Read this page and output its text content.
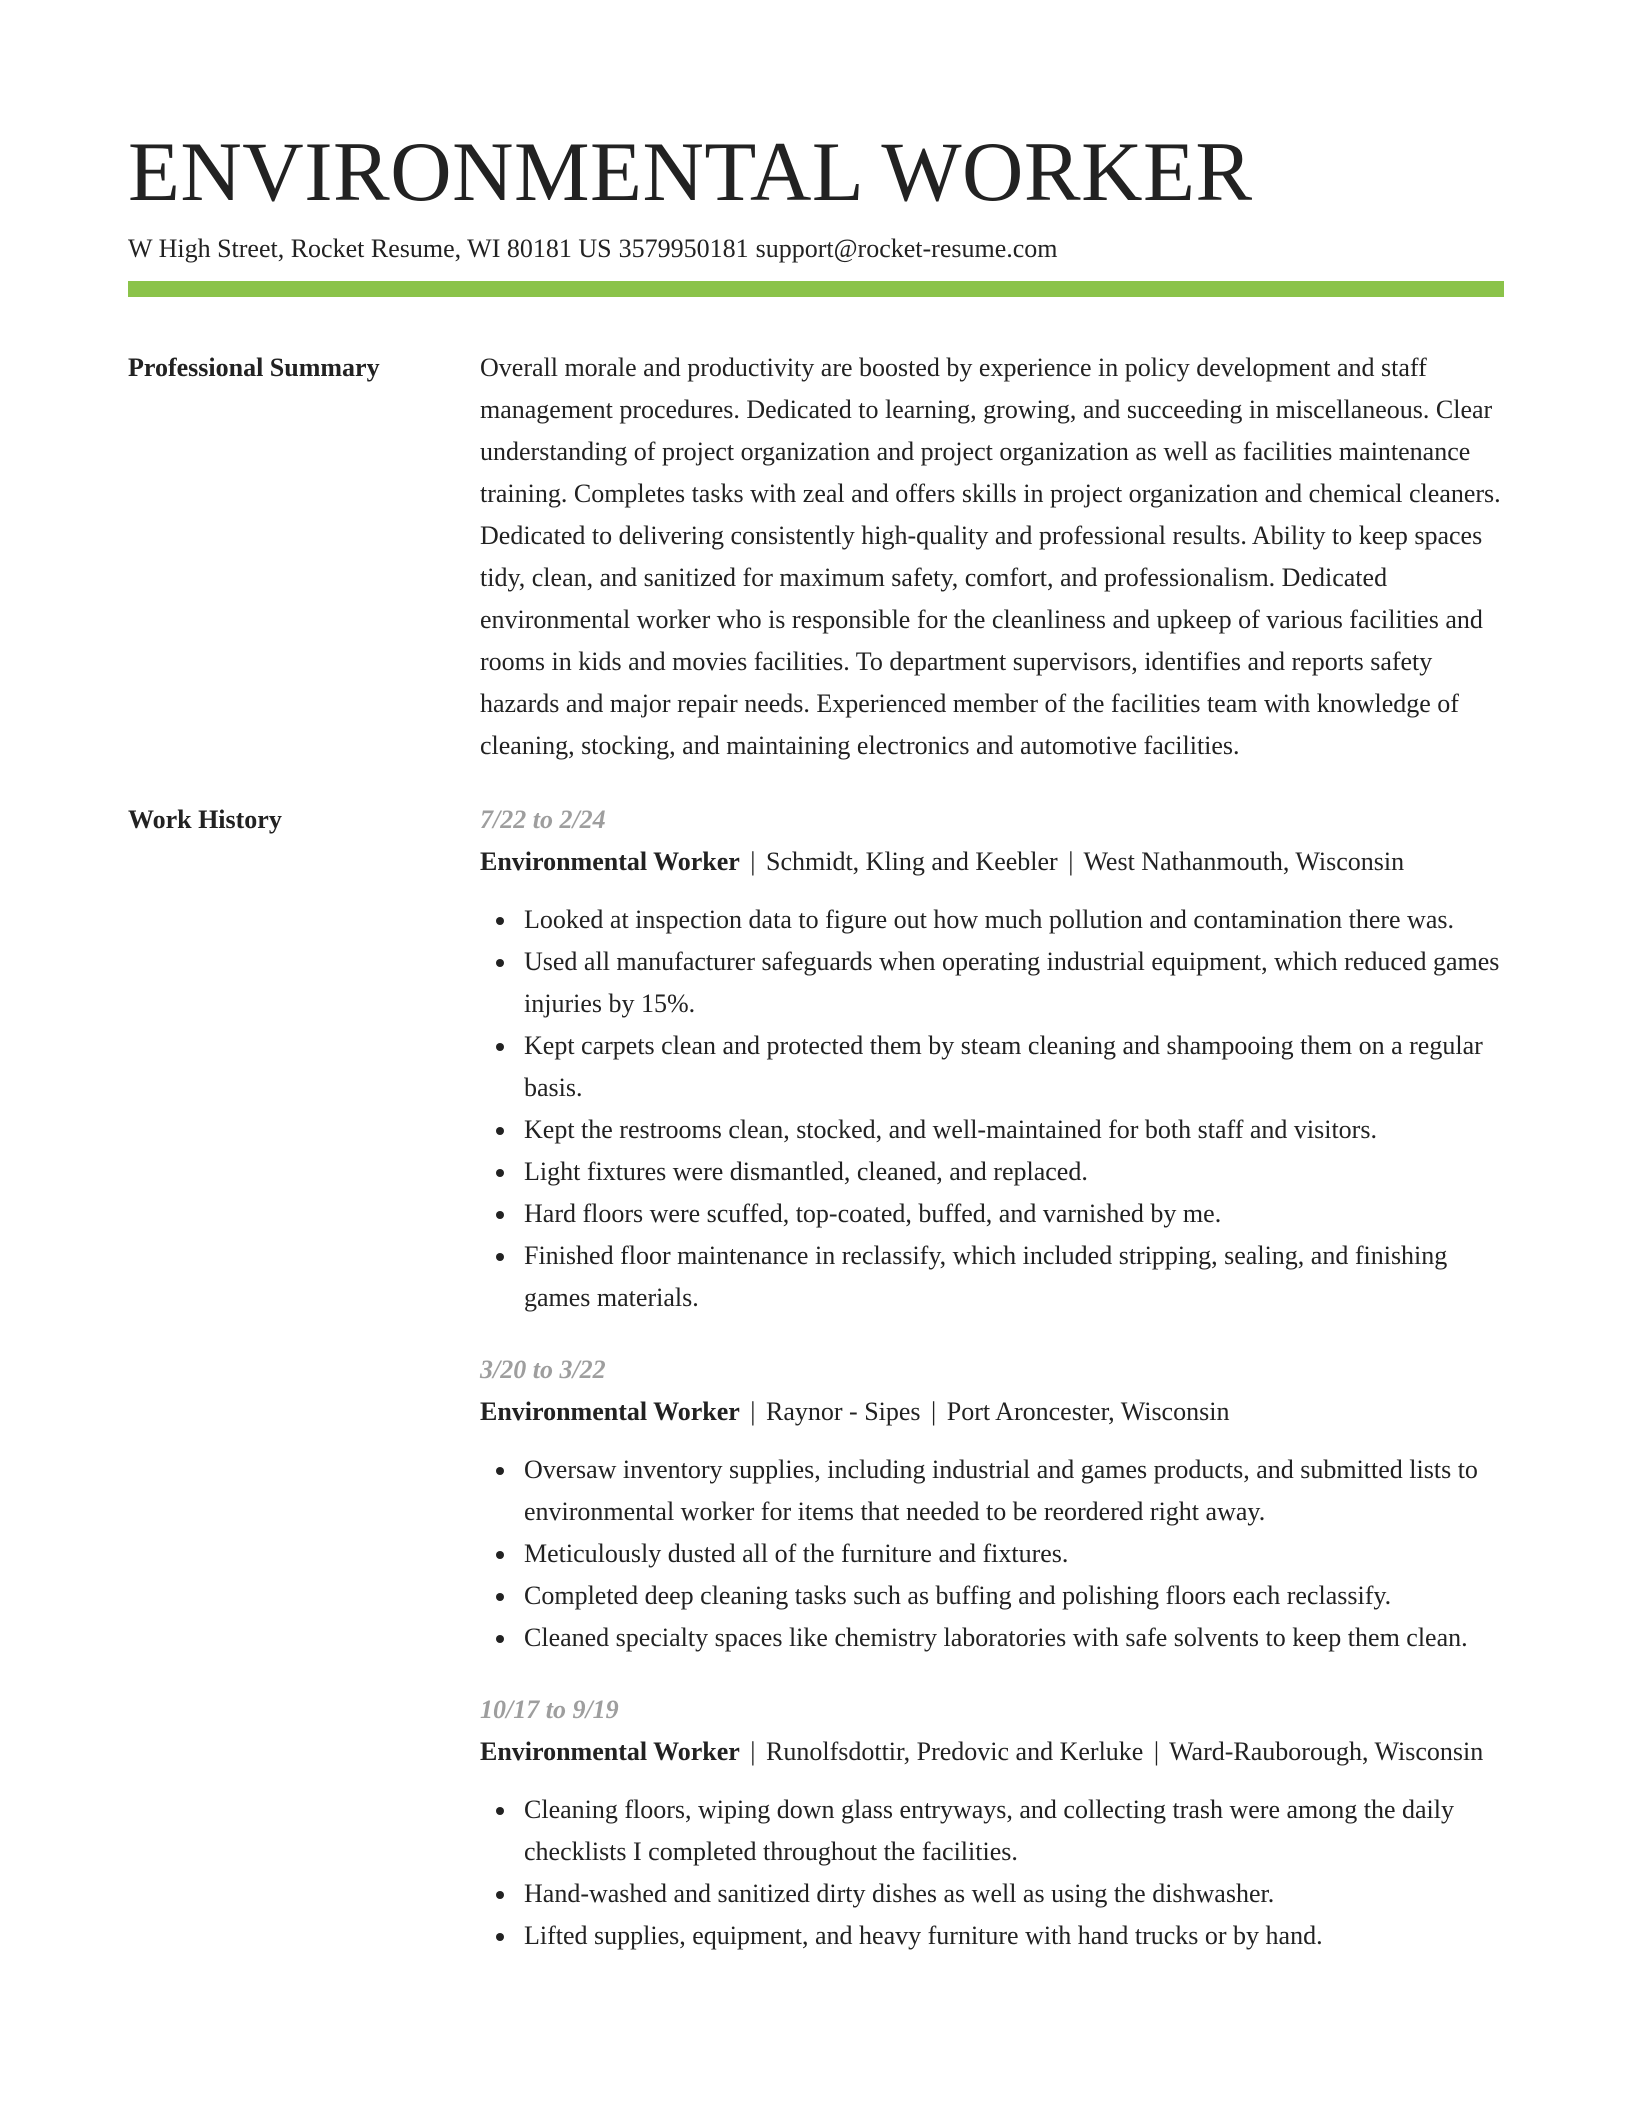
ENVIRONMENTAL WORKER
W High Street, Rocket Resume, WI 80181 US 3579950181 support@rocket-resume.com
Professional Summary	Overall morale and productivity are boosted by experience in policy development and staff management procedures. Dedicated to learning, growing, and succeeding in miscellaneous. Clear understanding of project organization and project organization as well as facilities maintenance training. Completes tasks with zeal and offers skills in project organization and chemical cleaners. Dedicated to delivering consistently high-quality and professional results. Ability to keep spaces tidy, clean, and sanitized for maximum safety, comfort, and professionalism. Dedicated environmental worker who is responsible for the cleanliness and upkeep of various facilities and rooms in kids and movies facilities. To department supervisors, identifies and reports safety hazards and major repair needs. Experienced member of the facilities team with knowledge of cleaning, stocking, and maintaining electronics and automotive facilities.

Work History	7/22 to 2/24
Environmental Worker | Schmidt, Kling and Keebler | West Nathanmouth, Wisconsin
Looked at inspection data to figure out how much pollution and contamination there was.
Used all manufacturer safeguards when operating industrial equipment, which reduced games injuries by 15%.
Kept carpets clean and protected them by steam cleaning and shampooing them on a regular basis.
Kept the restrooms clean, stocked, and well-maintained for both staff and visitors.
Light fixtures were dismantled, cleaned, and replaced.
Hard floors were scuffed, top-coated, buffed, and varnished by me.
Finished floor maintenance in reclassify, which included stripping, sealing, and finishing games materials.
3/20 to 3/22
Environmental Worker | Raynor - Sipes | Port Aroncester, Wisconsin
Oversaw inventory supplies, including industrial and games products, and submitted lists to environmental worker for items that needed to be reordered right away.
Meticulously dusted all of the furniture and fixtures.
Completed deep cleaning tasks such as buffing and polishing floors each reclassify.
Cleaned specialty spaces like chemistry laboratories with safe solvents to keep them clean.
10/17 to 9/19
Environmental Worker | Runolfsdottir, Predovic and Kerluke | Ward-Rauborough, Wisconsin
Cleaning floors, wiping down glass entryways, and collecting trash were among the daily checklists I completed throughout the facilities.
Hand-washed and sanitized dirty dishes as well as using the dishwasher.
Lifted supplies, equipment, and heavy furniture with hand trucks or by hand.
